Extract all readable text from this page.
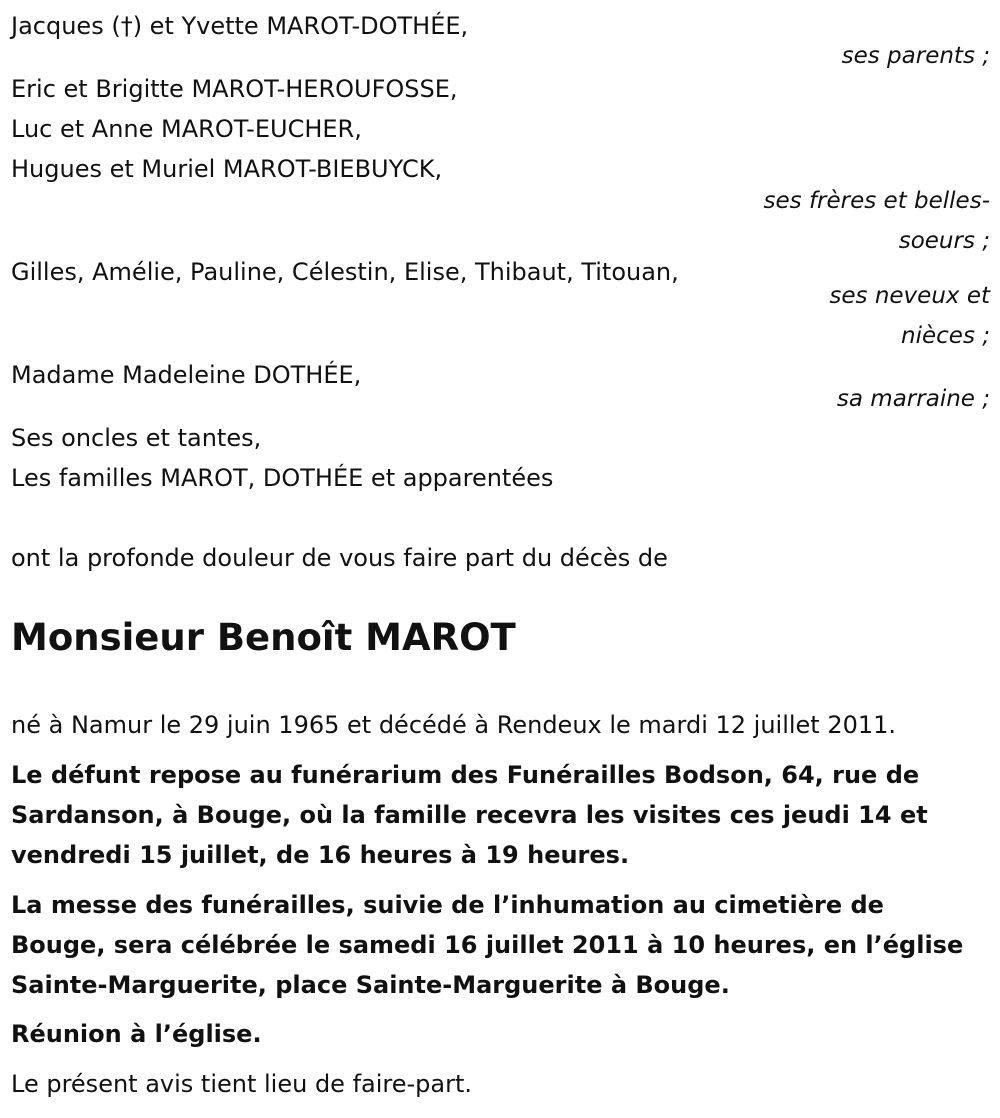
Jacques (†) et Yvette MAROT-DOTHÉE,
ses parents ;
Eric et Brigitte MAROT-HEROUFOSSE,
Luc et Anne MAROT-EUCHER,
Hugues et Muriel MAROT-BIEBUYCK,
ses frères et belles-
soeurs ;
Gilles, Amélie, Pauline, Célestin, Elise, Thibaut, Titouan,
ses neveux et
nièces ;
Madame Madeleine DOTHÉE,
sa marraine ;
Ses oncles et tantes,
Les familles MAROT, DOTHÉE et apparentées
ont la profonde douleur de vous faire part du décès de
Monsieur Benoît MAROT
né à Namur le 29 juin 1965 et décédé à Rendeux le mardi 12 juillet 2011.
Le défunt repose au funérarium des Funérailles Bodson, 64, rue de Sardanson, à Bouge, où la famille recevra les visites ces jeudi 14 et vendredi 15 juillet, de 16 heures à 19 heures.
La messe des funérailles, suivie de l’inhumation au cimetière de Bouge, sera célébrée le samedi 16 juillet 2011 à 10 heures, en l’église Sainte-Marguerite, place Sainte-Marguerite à Bouge.
Réunion à l’église.
Le présent avis tient lieu de faire-part.
